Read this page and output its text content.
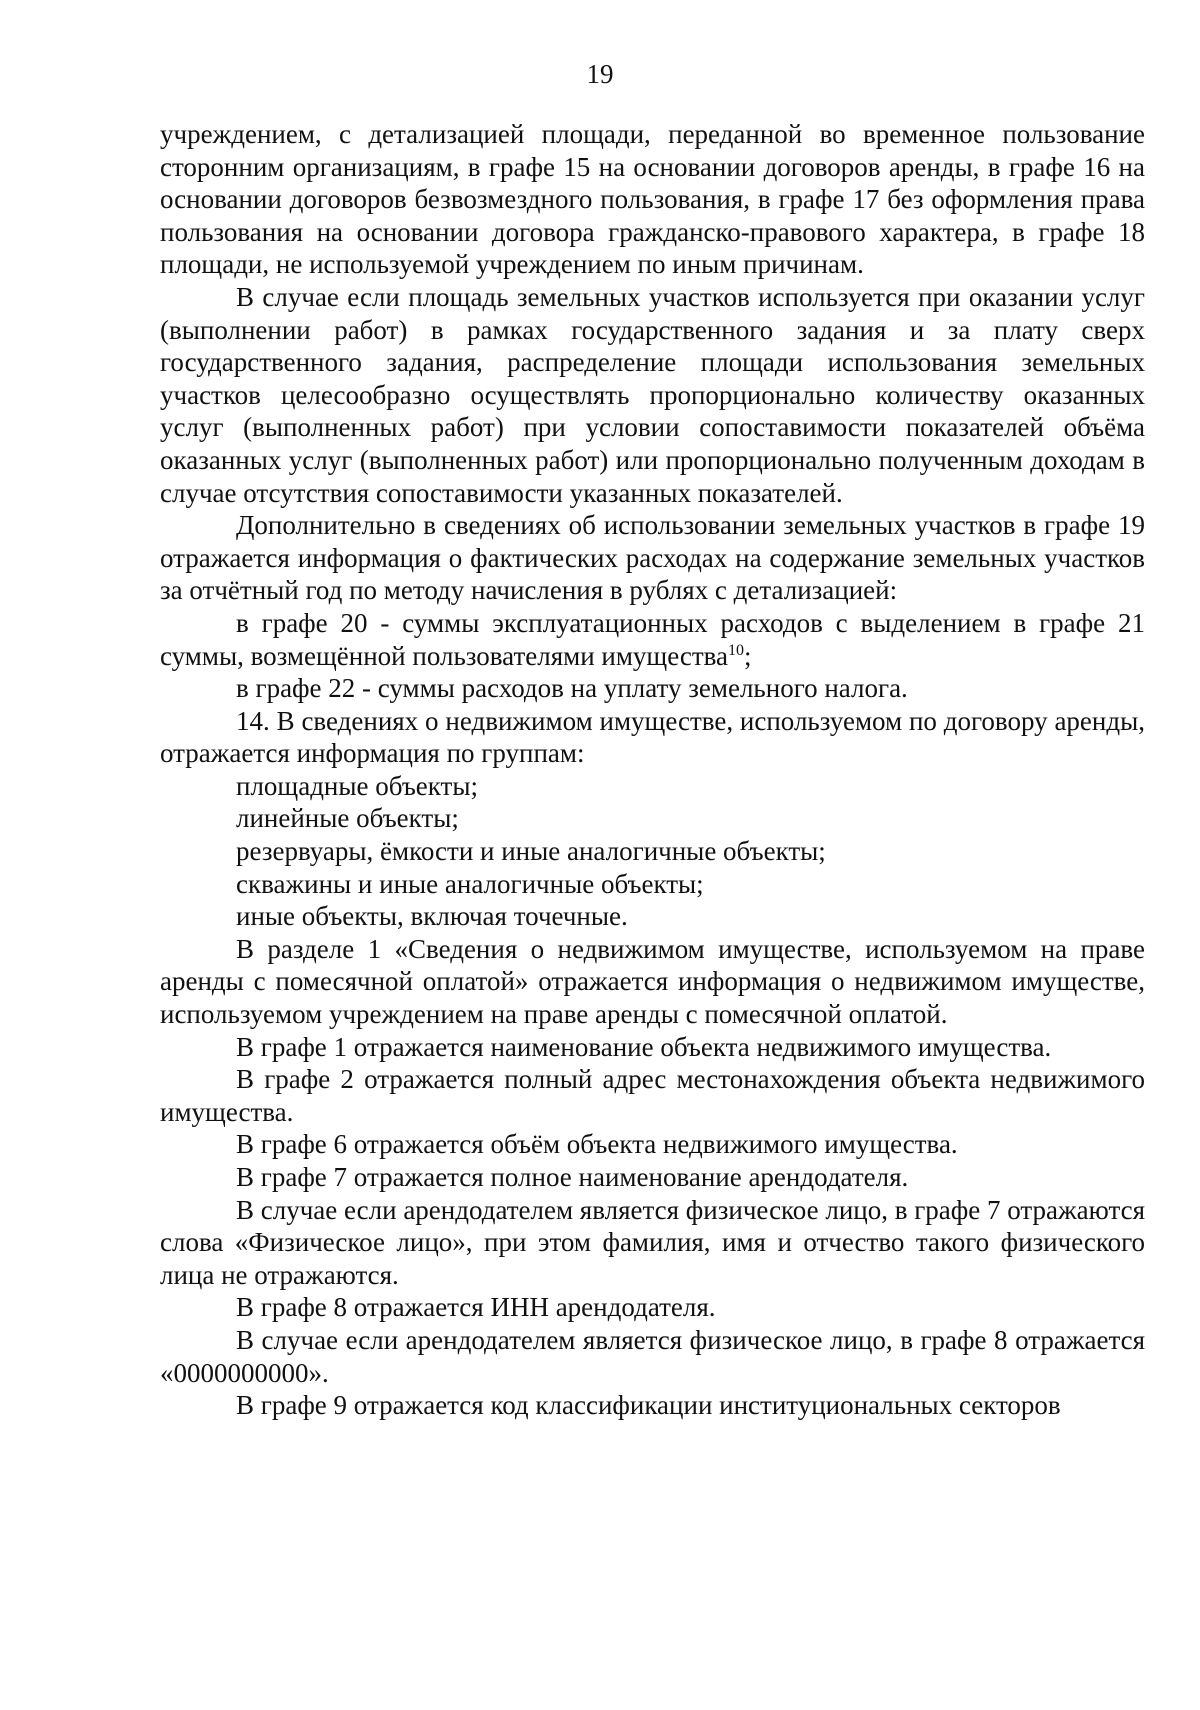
19

учреждением, с детализацией площади, переданной во временное пользование сторонним организациям, в графе 15 на основании договоров аренды, в графе 16 на основании договоров безвозмездного пользования, в графе 17 без оформления права пользования на основании договора гражданско-правового характера, в графе 18 площади, не используемой учреждением по иным причинам.

В случае если площадь земельных участков используется при оказании услуг (выполнении работ) в рамках государственного задания и за плату сверх государственного задания, распределение площади использования земельных участков целесообразно осуществлять пропорционально количеству оказанных услуг (выполненных работ) при условии сопоставимости показателей объёма оказанных услуг (выполненных работ) или пропорционально полученным доходам в случае отсутствия сопоставимости указанных показателей.

Дополнительно в сведениях об использовании земельных участков в графе 19 отражается информация о фактических расходах на содержание земельных участков за отчётный год по методу начисления в рублях с детализацией:

в графе 20 - суммы эксплуатационных расходов с выделением в графе 21 суммы, возмещённой пользователями имущества$^{10}$;

в графе 22 - суммы расходов на уплату земельного налога.

14. В сведениях о недвижимом имуществе, используемом по договору аренды, отражается информация по группам:

площадные объекты;

линейные объекты;

резервуары, ёмкости и иные аналогичные объекты;

скважины и иные аналогичные объекты;

иные объекты, включая точечные.

В разделе 1 «Сведения о недвижимом имуществе, используемом на праве аренды с помесячной оплатой» отражается информация о недвижимом имуществе, используемом учреждением на праве аренды с помесячной оплатой.

В графе 1 отражается наименование объекта недвижимого имущества.

В графе 2 отражается полный адрес местонахождения объекта недвижимого имущества.

В графе 6 отражается объём объекта недвижимого имущества.

В графе 7 отражается полное наименование арендодателя.

В случае если арендодателем является физическое лицо, в графе 7 отражаются слова «Физическое лицо», при этом фамилия, имя и отчество такого физического лица не отражаются.

В графе 8 отражается ИНН арендодателя.

В случае если арендодателем является физическое лицо, в графе 8 отражается «0000000000».

В графе 9 отражается код классификации институциональных секторов
